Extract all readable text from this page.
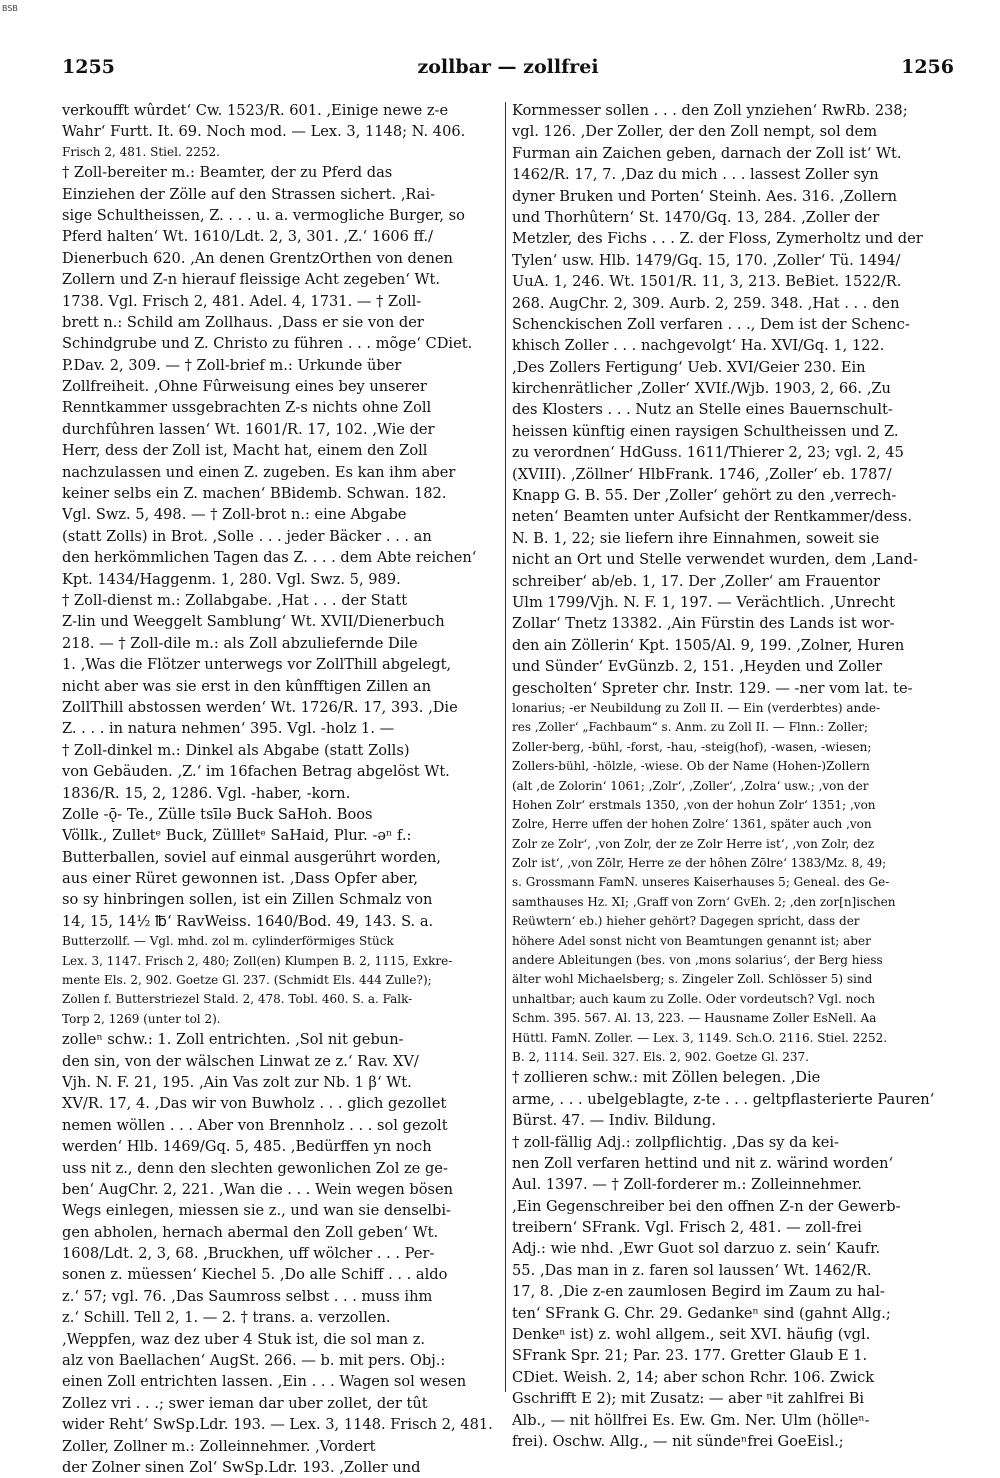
BSB
1255	zollbar — zollfrei	1256
verkoufft wûrdet‘ Cw. 1523/R. 601. ‚Einige newe z-e
Wahr‘ Furtt. It. 69. Noch mod. — Lex. 3, 1148; N. 406.
Frisch 2, 481. Stiel. 2252.
† Zoll-bereiter m.: Beamter, der zu Pferd das
Einziehen der Zölle auf den Strassen sichert. ‚Rai-
sige Schultheissen, Z. . . . u. a. vermogliche Burger, so
Pferd halten‘ Wt. 1610/Ldt. 2, 3, 301. ‚Z.‘ 1606 ff./
Dienerbuch 620. ‚An denen GrentzOrthen von denen
Zollern und Z-n hierauf fleissige Acht zegeben‘ Wt.
1738. Vgl. Frisch 2, 481. Adel. 4, 1731. — † Zoll-
brett n.: Schild am Zollhaus. ‚Dass er sie von der
Schindgrube und Z. Christo zu führen . . . mõge‘ CDiet.
P.Dav. 2, 309. — † Zoll-brief m.: Urkunde über
Zollfreiheit. ‚Ohne Fûrweisung eines bey unserer
Renntkammer ussgebrachten Z-s nichts ohne Zoll
durchfûhren lassen‘ Wt. 1601/R. 17, 102. ‚Wie der
Herr, dess der Zoll ist, Macht hat, einem den Zoll
nachzulassen und einen Z. zugeben. Es kan ihm aber
keiner selbs ein Z. machen‘ BBidemb. Schwan. 182.
Vgl. Swz. 5, 498. — † Zoll-brot n.: eine Abgabe
(statt Zolls) in Brot. ‚Solle . . . jeder Bäcker . . . an
den herkömmlichen Tagen das Z. . . . dem Abte reichen‘
Kpt. 1434/Haggenm. 1, 280. Vgl. Swz. 5, 989.
† Zoll-dienst m.: Zollabgabe. ‚Hat . . . der Statt
Z-lin und Weeggelt Samblung‘ Wt. XVII/Dienerbuch
218. — † Zoll-dile m.: als Zoll abzuliefernde Dile
1. ‚Was die Flötzer unterwegs vor ZollThill abgelegt,
nicht aber was sie erst in den kûnfftigen Zillen an
ZollThill abstossen werden‘ Wt. 1726/R. 17, 393. ‚Die
Z. . . . in natura nehmen‘ 395. Vgl. -holz 1. —
† Zoll-dinkel m.: Dinkel als Abgabe (statt Zolls)
von Gebäuden. ‚Z.‘ im 16fachen Betrag abgelöst Wt.
1836/R. 15, 2, 1286. Vgl. -haber, -korn.
Zolle -ǭ- Te., Zülle tsīlə Buck SaHoh. Boos
Völlk., Zulletᵉ Buck, Züllletᵉ SaHaid, Plur. -ǝⁿ f.:
Butterballen, soviel auf einmal ausgerührt worden,
aus einer Rüret gewonnen ist. ‚Dass Opfer aber,
so sy hinbringen sollen, ist ein Zillen Schmalz von
14, 15, 14½ ℔‘ RavWeiss. 1640/Bod. 49, 143. S. a.
Butterzollf. — Vgl. mhd. zol m. cylinderförmiges Stück
Lex. 3, 1147. Frisch 2, 480; Zoll(en) Klumpen B. 2, 1115, Exkre-
mente Els. 2, 902. Goetze Gl. 237. (Schmidt Els. 444 Zulle?);
Zollen f. Butterstriezel Stald. 2, 478. Tobl. 460. S. a. Falk-
Torp 2, 1269 (unter tol 2).
zolleⁿ schw.: 1. Zoll entrichten. ‚Sol nit gebun-
den sin, von der wälschen Linwat ze z.‘ Rav. XV/
Vjh. N. F. 21, 195. ‚Ain Vas zolt zur Nb. 1 β‘ Wt.
XV/R. 17, 4. ‚Das wir von Buwholz . . . glich gezollet
nemen wöllen . . . Aber von Brennholz . . . sol gezolt
werden‘ Hlb. 1469/Gq. 5, 485. ‚Bedürffen yn noch
uss nit z., denn den slechten gewonlichen Zol ze ge-
ben‘ AugChr. 2, 221. ‚Wan die . . . Wein wegen bösen
Wegs einlegen, miessen sie z., und wan sie denselbi-
gen abholen, hernach abermal den Zoll geben‘ Wt.
1608/Ldt. 2, 3, 68. ‚Bruckhen, uff wölcher . . . Per-
sonen z. müessen‘ Kiechel 5. ‚Do alle Schiff . . . aldo
z.‘ 57; vgl. 76. ‚Das Saumross selbst . . . muss ihm
z.‘ Schill. Tell 2, 1. — 2. † trans. a. verzollen.
‚Weppfen, waz dez uber 4 Stuk ist, die sol man z.
alz von Baellachen‘ AugSt. 266. — b. mit pers. Obj.:
einen Zoll entrichten lassen. ‚Ein . . . Wagen sol wesen
Zollez vri . . .; swer ieman dar uber zollet, der tût
wider Reht‘ SwSp.Ldr. 193. — Lex. 3, 1148. Frisch 2, 481.
Zoller, Zollner m.: Zolleinnehmer. ‚Vordert
der Zolner sinen Zol‘ SwSp.Ldr. 193. ‚Zoller und
Kornmesser sollen . . . den Zoll ynziehen‘ RwRb. 238;
vgl. 126. ‚Der Zoller, der den Zoll nempt, sol dem
Furman ain Zaichen geben, darnach der Zoll ist‘ Wt.
1462/R. 17, 7. ‚Daz du mich . . . lassest Zoller syn
dyner Bruken und Porten‘ Steinh. Aes. 316. ‚Zollern
und Thorhûtern‘ St. 1470/Gq. 13, 284. ‚Zoller der
Metzler, des Fichs . . . Z. der Floss, Zymerholtz und der
Tylen‘ usw. Hlb. 1479/Gq. 15, 170. ‚Zoller‘ Tü. 1494/
UuA. 1, 246. Wt. 1501/R. 11, 3, 213. BeBiet. 1522/R.
268. AugChr. 2, 309. Aurb. 2, 259. 348. ‚Hat . . . den
Schenckischen Zoll verfaren . . ., Dem ist der Schenc-
khisch Zoller . . . nachgevolgt‘ Ha. XVI/Gq. 1, 122.
‚Des Zollers Fertigung‘ Ueb. XVI/Geier 230. Ein
kirchenrätlicher ‚Zoller‘ XVIf./Wjb. 1903, 2, 66. ‚Zu
des Klosters . . . Nutz an Stelle eines Bauernschult-
heissen künftig einen raysigen Schultheissen und Z.
zu verordnen‘ HdGuss. 1611/Thierer 2, 23; vgl. 2, 45
(XVIII). ‚Zöllner‘ HlbFrank. 1746, ‚Zoller‘ eb. 1787/
Knapp G. B. 55. Der ‚Zoller‘ gehört zu den ‚verrech-
neten‘ Beamten unter Aufsicht der Rentkammer/dess.
N. B. 1, 22; sie liefern ihre Einnahmen, soweit sie
nicht an Ort und Stelle verwendet wurden, dem ‚Land-
schreiber‘ ab/eb. 1, 17. Der ‚Zoller‘ am Frauentor
Ulm 1799/Vjh. N. F. 1, 197. — Verächtlich. ‚Unrecht
Zollar‘ Tnetz 13382. ‚Ain Fürstin des Lands ist wor-
den ain Zöllerin‘ Kpt. 1505/Al. 9, 199. ‚Zolner, Huren
und Sünder‘ EvGünzb. 2, 151. ‚Heyden und Zoller
gescholten‘ Spreter chr. Instr. 129. — -ner vom lat. te-
lonarius; -er Neubildung zu Zoll II. — Ein (verderbtes) ande-
res ‚Zoller‘ „Fachbaum“ s. Anm. zu Zoll II. — Flnn.: Zoller;
Zoller-berg, -bühl, -forst, -hau, -steig(hof), -wasen, -wiesen;
Zollers-bühl, -hölzle, -wiese. Ob der Name (Hohen-)Zollern
(alt ‚de Zolorin‘ 1061; ‚Zolr‘, ‚Zoller‘, ‚Zolra‘ usw.; ‚von der
Hohen Zolr‘ erstmals 1350, ‚von der hohun Zolr‘ 1351; ‚von
Zolre, Herre uffen der hohen Zolre‘ 1361, später auch ‚von
Zolr ze Zolr‘, ‚von Zolr, der ze Zolr Herre ist‘, ‚von Zolr, dez
Zolr ist‘, ‚von Zōlr, Herre ze der hôhen Zōlre‘ 1383/Mz. 8, 49;
s. Grossmann FamN. unseres Kaiserhauses 5; Geneal. des Ge-
samthauses Hz. XI; ‚Graff von Zorn‘ GvEh. 2; ‚den zor[n]ischen
Reüwtern‘ eb.) hieher gehört? Dagegen spricht, dass der
höhere Adel sonst nicht von Beamtungen genannt ist; aber
andere Ableitungen (bes. von ‚mons solarius‘, der Berg hiess
älter wohl Michaelsberg; s. Zingeler Zoll. Schlösser 5) sind
unhaltbar; auch kaum zu Zolle. Oder vordeutsch? Vgl. noch
Schm. 395. 567. Al. 13, 223. — Hausname Zoller EsNell. Aa
Hüttl. FamN. Zoller. — Lex. 3, 1149. Sch.O. 2116. Stiel. 2252.
B. 2, 1114. Seil. 327. Els. 2, 902. Goetze Gl. 237.
† zollieren schw.: mit Zöllen belegen. ‚Die
arme, . . . ubelgeblagte, z-te . . . geltpflasterierte Pauren‘
Bürst. 47. — Indiv. Bildung.
† zoll-fällig Adj.: zollpflichtig. ‚Das sy da kei-
nen Zoll verfaren hettind und nit z. wärind worden‘
Aul. 1397. — † Zoll-forderer m.: Zolleinnehmer.
‚Ein Gegenschreiber bei den offnen Z-n der Gewerb-
treibern‘ SFrank. Vgl. Frisch 2, 481. — zoll-frei
Adj.: wie nhd. ‚Ewr Guot sol darzuo z. sein‘ Kaufr.
55. ‚Das man in z. faren sol laussen‘ Wt. 1462/R.
17, 8. ‚Die z-en zaumlosen Begird im Zaum zu hal-
ten‘ SFrank G. Chr. 29. Gedankeⁿ sind (gahnt Allg.;
Denkeⁿ ist) z. wohl allgem., seit XVI. häufig (vgl.
SFrank Spr. 21; Par. 23. 177. Gretter Glaub E 1.
CDiet. Weish. 2, 14; aber schon Rchr. 106. Zwick
Gschrifft E 2); mit Zusatz: — aber ⁿit zahlfrei Bi
Alb., — nit höllfrei Es. Ew. Gm. Ner. Ulm (hölleⁿ-
frei). Oschw. Allg., — nit sündeⁿfrei GoeEisl.;
